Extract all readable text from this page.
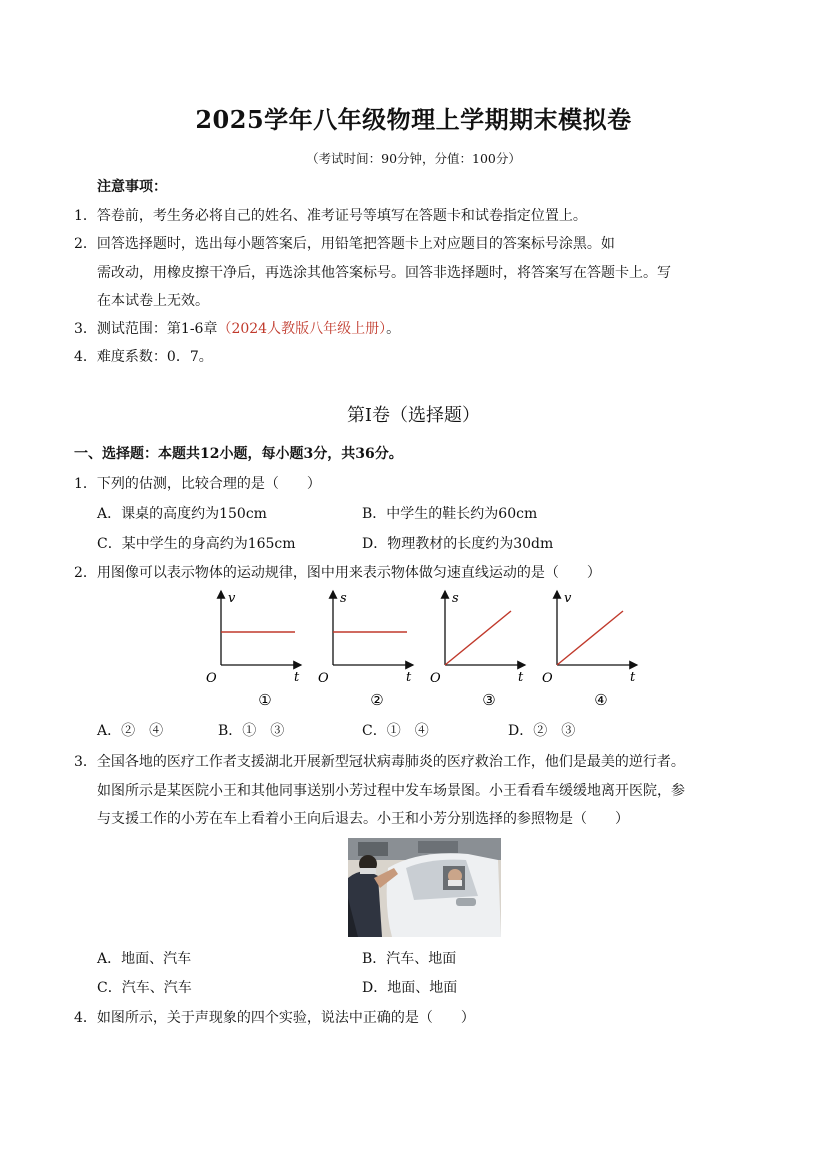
2025学年八年级物理上学期期末模拟卷
（考试时间：90分钟，分值：100分）
注意事项：
1．答卷前，考生务必将自己的姓名、准考证号等填写在答题卡和试卷指定位置上。
2．回答选择题时，选出每小题答案后，用铅笔把答题卡上对应题目的答案标号涂黑。如
需改动，用橡皮擦干净后，再选涂其他答案标号。回答非选择题时，将答案写在答题卡上。写
在本试卷上无效。
3．测试范围：第1-6章（2024人教版八年级上册）。
4．难度系数：0．7。
第Ⅰ卷（选择题）
一、选择题：本题共12小题，每小题3分，共36分。
1．下列的估测，比较合理的是（　　）
A．课桌的高度约为150cm	B．中学生的鞋长约为60cm
C．某中学生的身高约为165cm	D．物理教材的长度约为30dm
2．用图像可以表示物体的运动规律，图中用来表示物体做匀速直线运动的是（　　）
v
t
O
①
s
t
O
②
s
t
O
③
v
t
O
④
A．②　④	B．①　③	C．①　④	D．②　③
3．全国各地的医疗工作者支援湖北开展新型冠状病毒肺炎的医疗救治工作，他们是最美的逆行者。
如图所示是某医院小王和其他同事送别小芳过程中发车场景图。小王看看车缓缓地离开医院，参
与支援工作的小芳在车上看着小王向后退去。小王和小芳分别选择的参照物是（　　）
A．地面、汽车	B．汽车、地面
C．汽车、汽车	D．地面、地面
4．如图所示，关于声现象的四个实验，说法中正确的是（　　）
